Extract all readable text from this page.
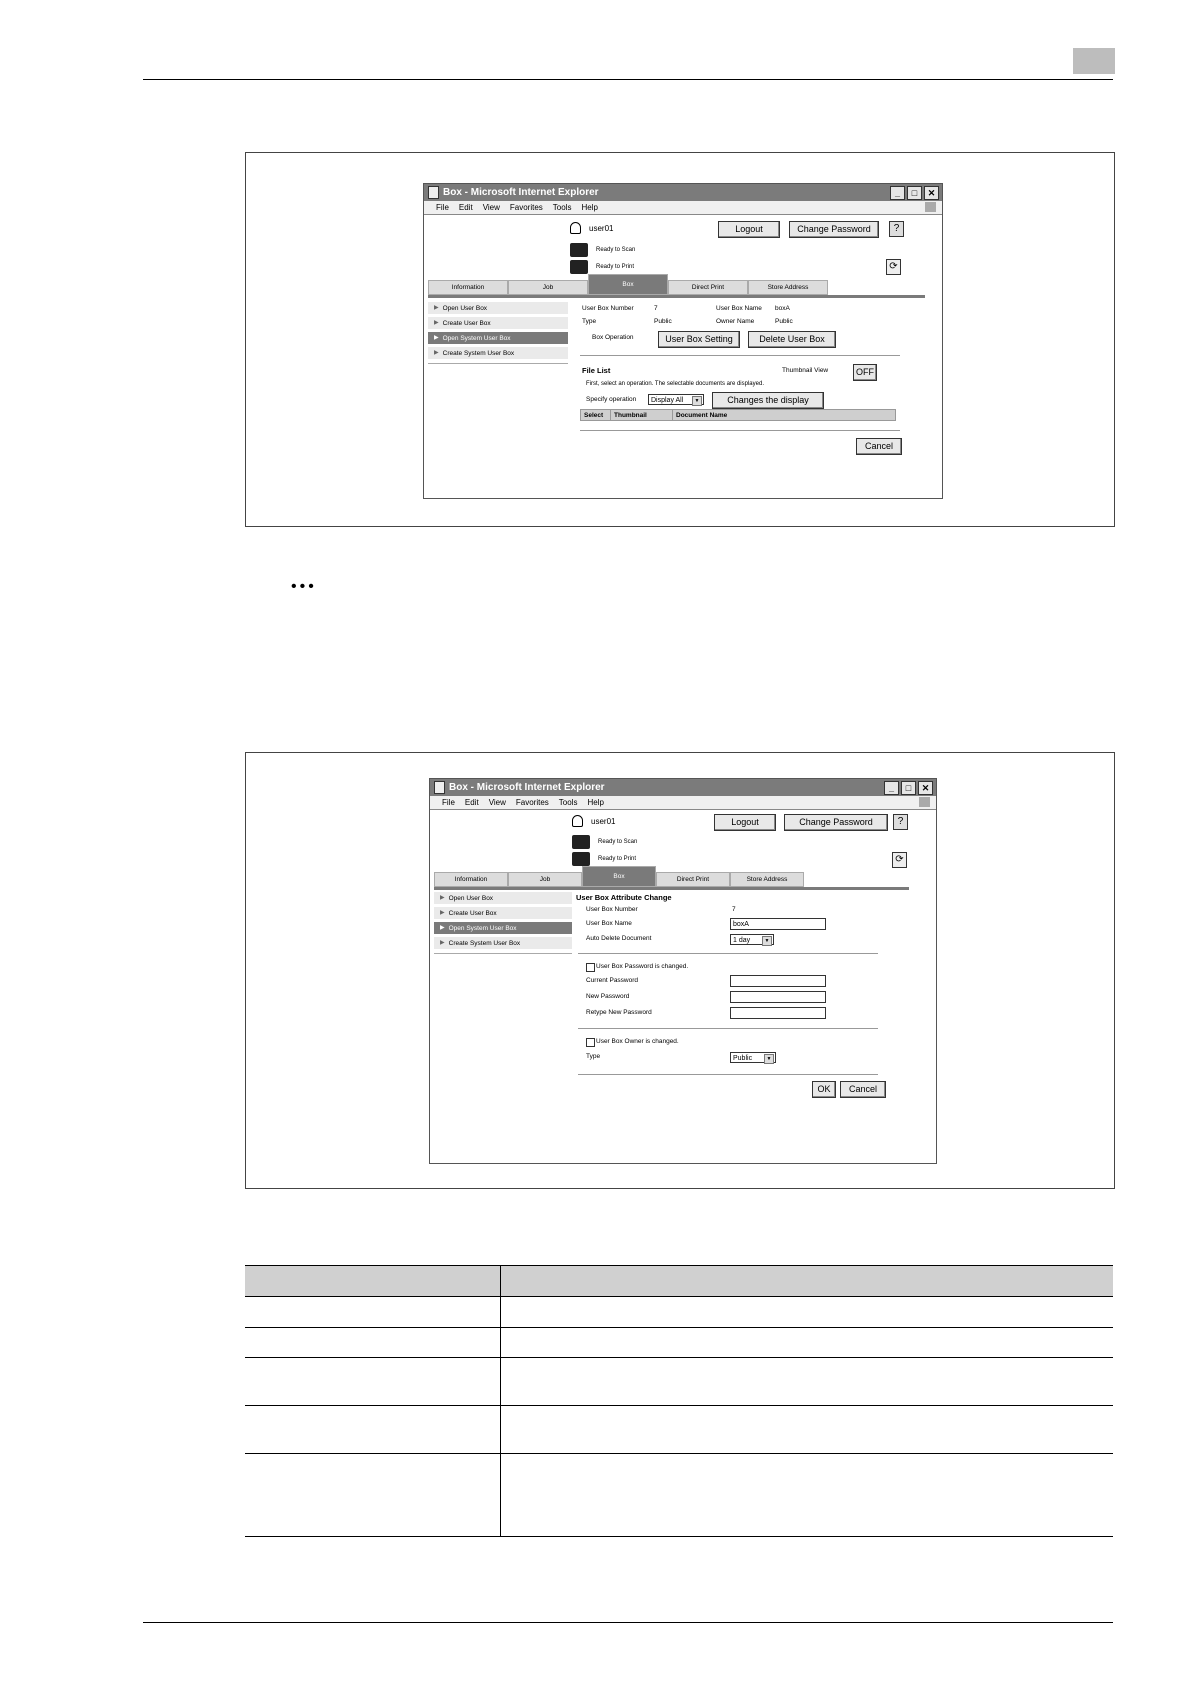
Box - Microsoft Internet Explorer	_	□	✕
File Edit View Favorites Tools Help
user01	Logout	Change Password	?
Ready to Scan
Ready to Print	⟳
Information	Job	Box	Direct Print	Store Address
▶ Open User Box
▶ Create User Box
▶ Open System User Box
▶ Create System User Box
User Box Number	7	User Box Name boxA
Type	Public	Owner Name	Public
Box Operation	User Box Setting	Delete User Box
File List	Thumbnail View	OFF
First, select an operation. The selectable documents are displayed.
Specify operation	Display All	▼	Changes the display
Select	Thumbnail	Document Name
Cancel
•••
Box - Microsoft Internet Explorer	_	□	✕
File Edit View Favorites Tools Help
user01	Logout	Change Password	?
Ready to Scan
Ready to Print	⟳
Information	Job	Box	Direct Print	Store Address
▶ Open User Box
▶ Create User Box
▶ Open System User Box
▶ Create System User Box
User Box Attribute Change
User Box Number	7
User Box Name	boxA
Auto Delete Document	1 day	▼
User Box Password is changed.
Current Password
New Password
Retype New Password
User Box Owner is changed.
Type	Public	▼
OK	Cancel
